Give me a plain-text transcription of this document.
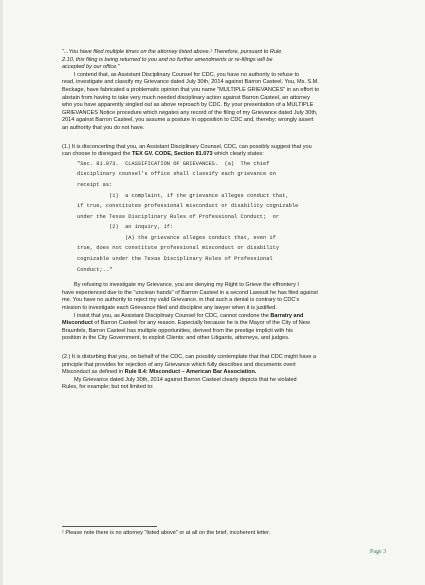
"...You have filed multiple times on the attorney listed above.¹ Therefore, pursuant to Rule
2.10, this filing is being returned to you and no further amendments or re-filings will be
accepted by our office."
I contend that, as Assistant Disciplinary Counsel for CDC, you have no authority to refuse to
read, investigate and classify my Grievance dated July 30th, 2014 against Barron Casteel. You, Ms. S.M.
Beckage, have fabricated a problematic opinion that you name "MULTIPLE GRIEVANCES" in an effort to
abstain from having to take very much needed disciplinary action against Barron Casteel, an attorney
who you have apparently singled out as above reproach by CDC. By your presentation of a MULTIPLE
GRIEVANCES Notice procedure which negates any record of the filing of my Grievance dated July 30th,
2014 against Barron Casteel, you assume a posture in opposition to CDC and, thereby; wrongly assert
an authority that you do not have.
(1.) It is disconcerting that you, an Assistant Disciplinary Counsel, CDC, can possibly suggest that you
can choose to disregard the TEX GV. CODE, Section 81.073 which clearly states:
"Sec. 81.073.  CLASSIFICATION OF GRIEVANCES.  (a)  The chief
disciplinary counsel's office shall classify each grievance on
receipt as:
(1)  a complaint, if the grievance alleges conduct that,
if true, constitutes professional misconduct or disability cognizable
under the Texas Disciplinary Rules of Professional Conduct;  or
(2)  an inquiry, if:
(A) the grievance alleges conduct that, even if
true, does not constitute professional misconduct or disability
cognizable under the Texas Disciplinary Rules of Professional
Conduct;.."
By refusing to investigate my Grievance, you are denying my Right to Grieve the effrontery I
have experienced due to the "unclean hands" of Barron Casteel in a second Lawsuit he has filed against
me. You have no authority to reject my valid Grievance, in that such a denial is contrary to CDC's
mission to investigate each Grievance filed and discipline any lawyer when it is justified.
I insist that you, as Assistant Disciplinary Counsel for CDC, cannot condone the Barratry and
Misconduct of Barron Casteel for any reason. Especially because he is the Mayor of the City of New
Braunfels, Barron Casteel has multiple opportunities, derived from the prestige implicit with his
position in the City Government, to exploit Clients; and other Litigants, attorneys, and judges.
(2.) It is disturbing that you, on behalf of the CDC, can possibly contemplate that that CDC might have a
principle that provides for rejection of any Grievance which fully describes and documents overt
Misconduct as defined in Rule 8.4: Misconduct – American Bar Association.
My Grievance dated July 30th, 2014 against Barron Casteel clearly depicts that he violated
Rules, for example; but not limited to:
¹ Please note there is no attorney "listed above" or at all on the brief, incoherent letter.
Page 3
